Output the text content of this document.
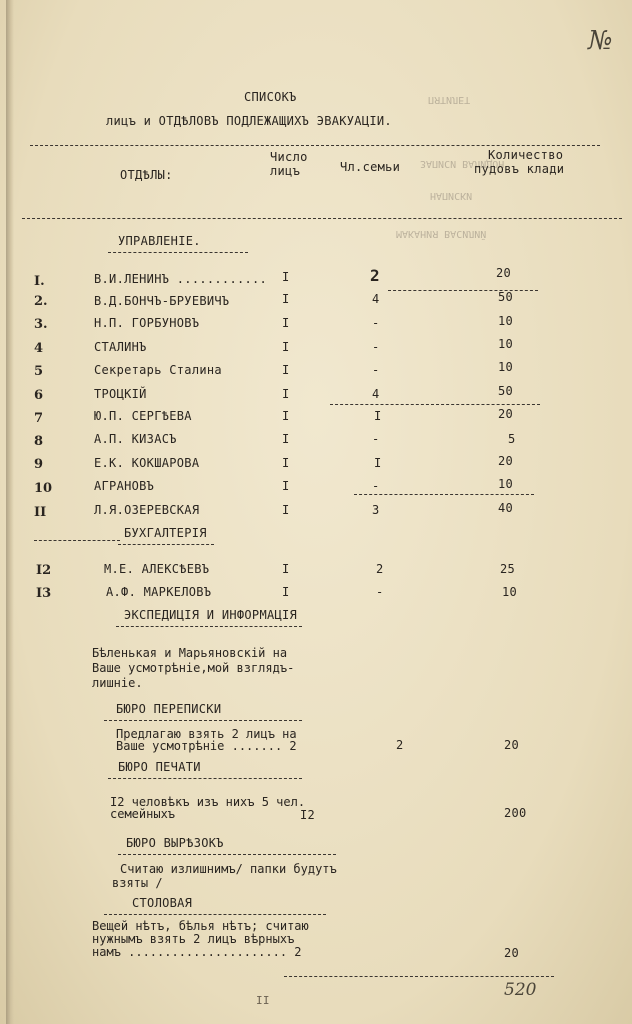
№
СПИСОКЪ
лицъ и ОТДѢЛОВЪ ПОДЛЕЖАЩИХЪ ЭВАКУАЦІИ.
ПЯТИЛЕТ
ЗАПИСИ ВАЛИДОН
НАПИСКИ
МАКАНИЯ ВАСИЛИЙ
ОТДѢЛЫ:
Число
лицъ	Чл.семьи
Количество
пудовъ клади
УПРАВЛЕНІЕ.
I.	В.И.ЛЕНИНЪ ............ I	2	20
2.	В.Д.БОНЧЪ-БРУЕВИЧЪ	I	4	50
3.	Н.П. ГОРБУНОВЪ	I	-	10
4	СТАЛИНЪ	I	-	10
5	Секретарь Сталина	I	-	10
6	ТРОЦКІЙ	I	4	50
7	Ю.П. СЕРГѢЕВА	I	I	20
8	А.П. КИЗАСЪ	I	-	5
9	Е.К. КОКШАРОВА	I	I	20
10	АГРАНОВЪ	I	-	10
II	Л.Я.ОЗЕРЕВСКАЯ	I	3	40
БУХГАЛТЕРІЯ
I2	М.Е. АЛЕКСѢЕВЪ	I	2	25
I3	А.Ф. МАРКЕЛОВЪ	I	-	10
ЭКСПЕДИЦІЯ И ИНФОРМАЦІЯ
Бѣленькая и Марьяновскій на
Ваше усмотрѣніе,мой взглядъ-
лишніе.
БЮРО ПЕРЕПИСКИ
Предлагаю взять 2 лицъ на
Ваше усмотрѣніе ....... 2	2	20
БЮРО ПЕЧАТИ
I2 человѣкъ изъ нихъ 5 чел.
семейныхъ	I2	200
БЮРО ВЫРѢЗОКЪ
Считаю излишнимъ/ папки будутъ
взяты /
СТОЛОВАЯ
Вещей нѣтъ, бѣлья нѣтъ; считаю
нужнымъ взять 2 лицъ вѣрныхъ
намъ ...................... 2	20
II
520
